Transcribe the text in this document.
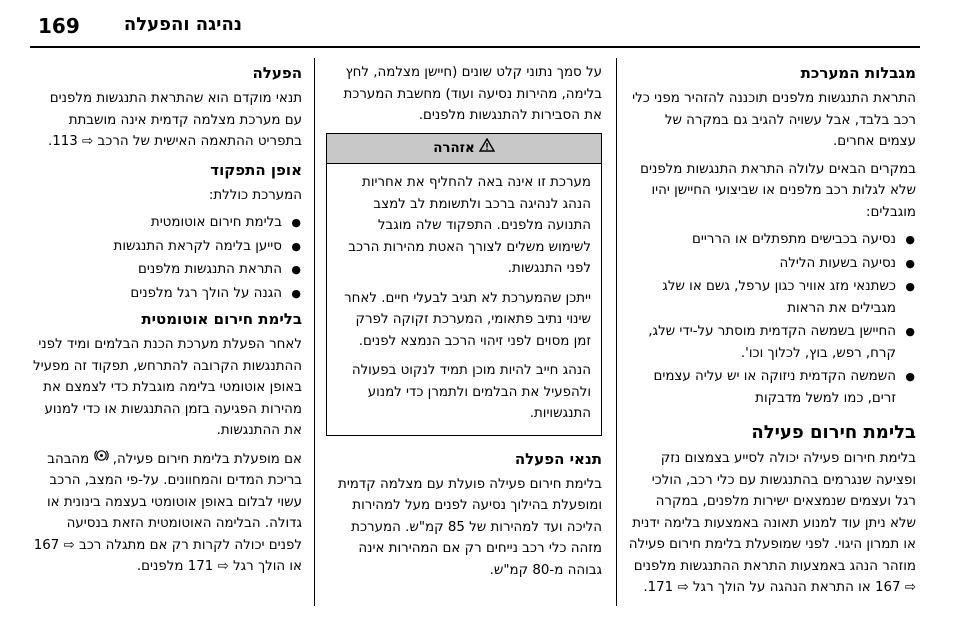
נהיגה והפעלה
169
מגבלות המערכת

התראת התנגשות מלפנים תוכננה להזהיר מפני כלי רכב בלבד, אבל עשויה להגיב גם במקרה של עצמים אחרים.

במקרים הבאים עלולה התראת התנגשות מלפנים שלא לגלות רכב מלפנים או שביצועי החיישן יהיו מוגבלים:

● נסיעה בכבישים מתפתלים או הרריים
● נסיעה בשעות הלילה
● כשתנאי מזג אוויר כגון ערפל, גשם או שלג מגבילים את הראות
● החיישן בשמשה הקדמית מוסתר על-ידי שלג, קרח, רפש, בוץ, לכלוך וכו'.
● השמשה הקדמית ניזוקה או יש עליה עצמים זרים, כמו למשל מדבקות
בלימת חירום פעילה

בלימת חירום פעילה יכולה לסייע בצמצום נזק ופציעה שנגרמים בהתנגשות עם כלי רכב, הולכי רגל ועצמים שנמצאים ישירות מלפנים, במקרה שלא ניתן עוד למנוע תאונה באמצעות בלימה ידנית או תמרון היגוי. לפני שמופעלת בלימת חירום פעילה מוזהר הנהג באמצעות התראת ההתנגשות מלפנים ⇨ 167 או התראת הנהגה על הולך רגל ⇨ 171.

על סמך נתוני קלט שונים (חיישן מצלמה, לחץ בלימה, מהירות נסיעה ועוד) מחשבת המערכת את הסבירות להתנגשות מלפנים.

אזהרה

מערכת זו אינה באה להחליף את אחריות הנהג לנהיגה ברכב ולתשומת לב למצב התנועה מלפנים. התפקוד שלה מוגבל לשימוש משלים לצורך האטת מהירות הרכב לפני התנגשות.

ייתכן שהמערכת לא תגיב לבעלי חיים. לאחר שינוי נתיב פתאומי, המערכת זקוקה לפרק זמן מסוים לפני זיהוי הרכב הנמצא לפנים.

הנהג חייב להיות מוכן תמיד לנקוט בפעולה ולהפעיל את הבלמים ולתמרן כדי למנוע התנגשויות.

תנאי הפעלה

בלימת חירום פעילה פועלת עם מצלמה קדמית ומופעלת בהילוך נסיעה לפנים מעל למהירות הליכה ועד למהירות של 85 קמ"ש. המערכת מזהה כלי רכב נייחים רק אם המהירות אינה גבוהה מ-80 קמ"ש.

הפעלה

תנאי מוקדם הוא שהתראת התנגשות מלפנים עם מערכת מצלמה קדמית אינה מושבתת בתפריט ההתאמה האישית של הרכב ⇨ 113.

אופן התפקוד

המערכת כוללת:

● בלימת חירום אוטומטית
● סייען בלימה לקראת התנגשות
● התראת התנגשות מלפנים
● הגנה על הולך רגל מלפנים
בלימת חירום אוטומטית

לאחר הפעלת מערכת הכנת הבלמים ומיד לפני ההתנגשות הקרובה להתרחש, תפקוד זה מפעיל באופן אוטומטי בלימה מוגבלת כדי לצמצם את מהירות הפגיעה בזמן ההתנגשות או כדי למנוע את ההתנגשות.

אם מופעלת בלימת חירום פעילה,  מהבהב בריכת המדים והמחוונים. על-פי המצב, הרכב עשוי לבלום באופן אוטומטי בעצמה בינונית או גדולה. הבלימה האוטומטית הזאת בנסיעה לפנים יכולה לקרות רק אם מתגלה רכב ⇨ 167 או הולך רגל ⇨ 171 מלפנים.
